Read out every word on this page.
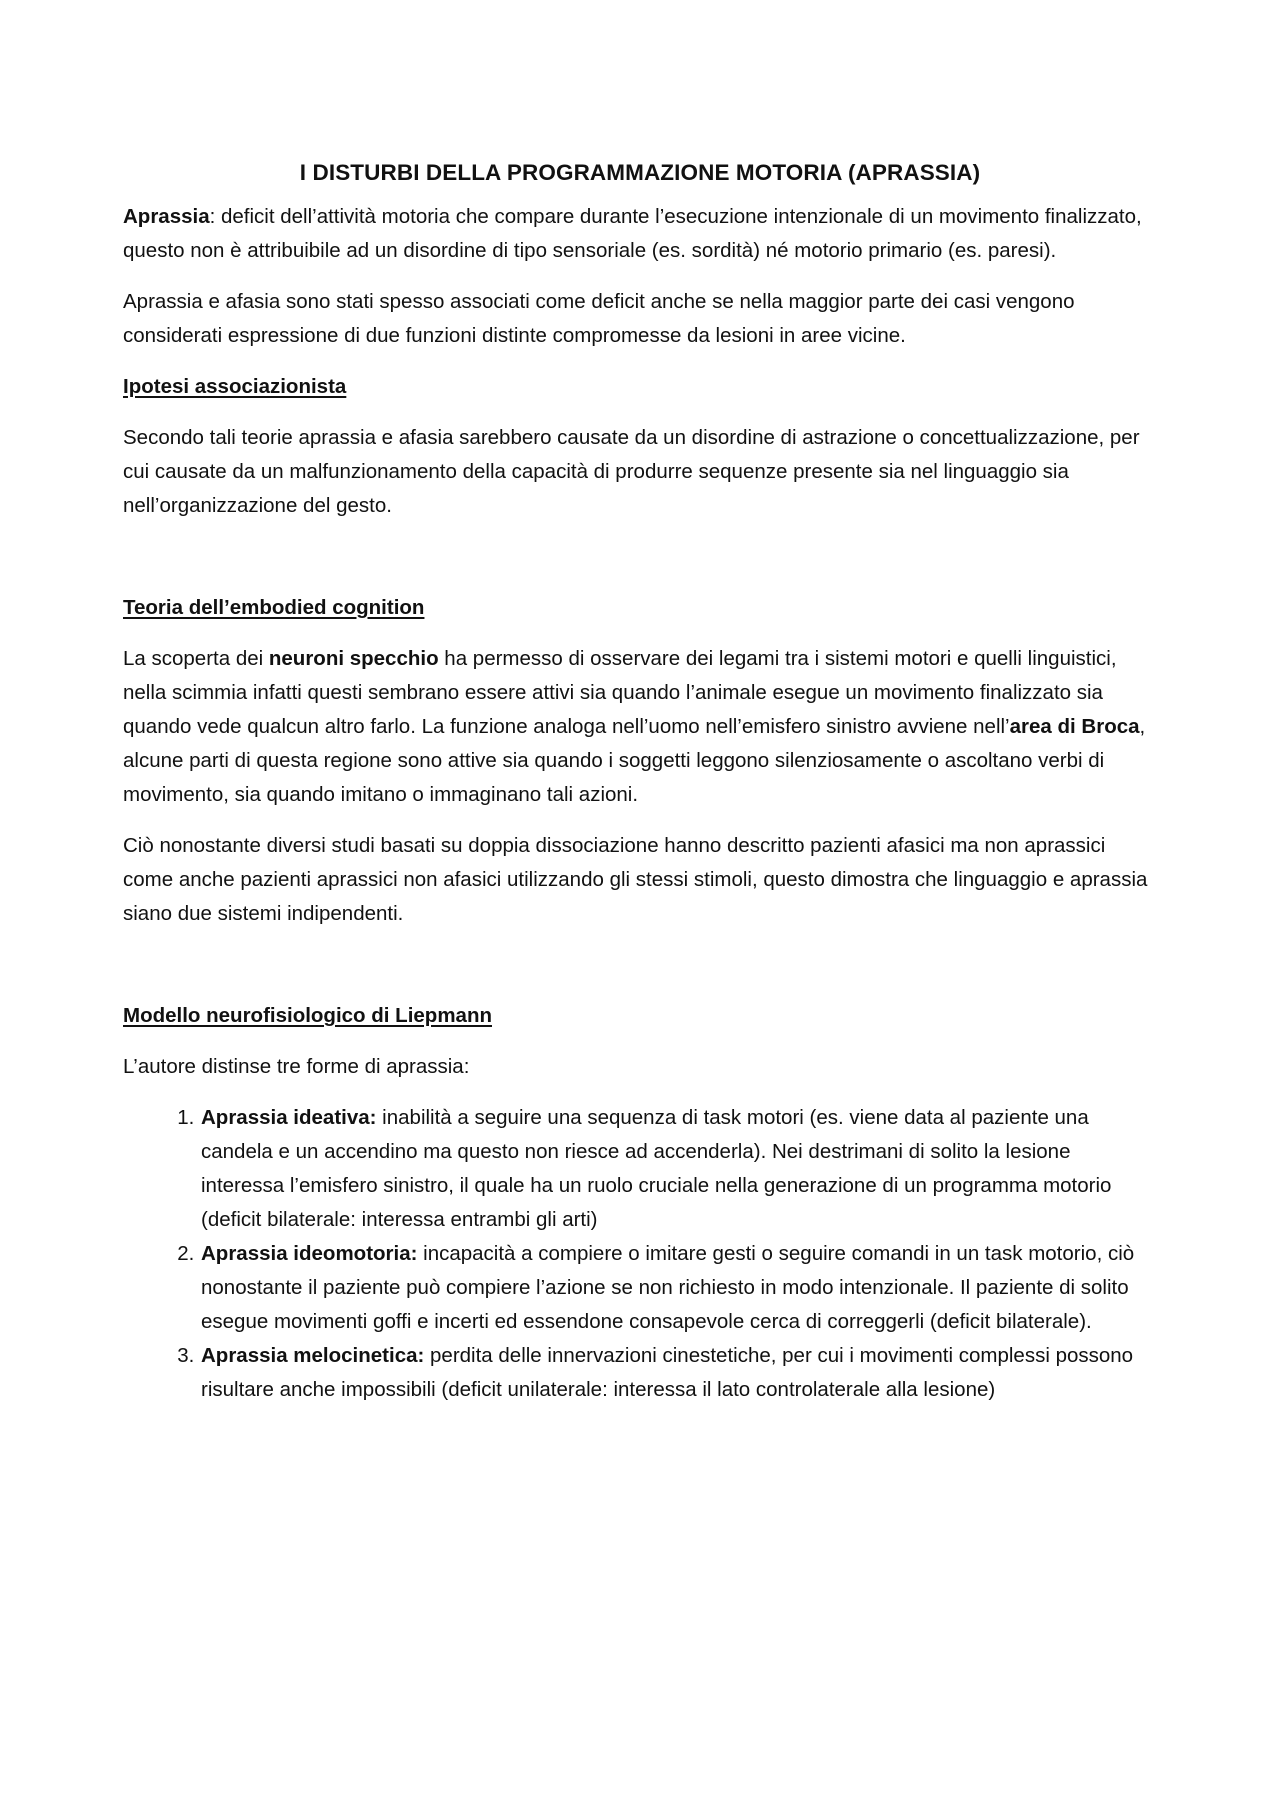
I DISTURBI DELLA PROGRAMMAZIONE MOTORIA (APRASSIA)

Aprassia: deficit dell’attività motoria che compare durante l’esecuzione intenzionale di un movimento finalizzato, questo non è attribuibile ad un disordine di tipo sensoriale (es. sordità) né motorio primario (es. paresi).

Aprassia e afasia sono stati spesso associati come deficit anche se nella maggior parte dei casi vengono considerati espressione di due funzioni distinte compromesse da lesioni in aree vicine.

Ipotesi associazionista

Secondo tali teorie aprassia e afasia sarebbero causate da un disordine di astrazione o concettualizzazione, per cui causate da un malfunzionamento della capacità di produrre sequenze presente sia nel linguaggio sia nell’organizzazione del gesto.

Teoria dell’embodied cognition

La scoperta dei neuroni specchio ha permesso di osservare dei legami tra i sistemi motori e quelli linguistici, nella scimmia infatti questi sembrano essere attivi sia quando l’animale esegue un movimento finalizzato sia quando vede qualcun altro farlo. La funzione analoga nell’uomo nell’emisfero sinistro avviene nell’area di Broca, alcune parti di questa regione sono attive sia quando i soggetti leggono silenziosamente o ascoltano verbi di movimento, sia quando imitano o immaginano tali azioni.

Ciò nonostante diversi studi basati su doppia dissociazione hanno descritto pazienti afasici ma non aprassici come anche pazienti aprassici non afasici utilizzando gli stessi stimoli, questo dimostra che linguaggio e aprassia siano due sistemi indipendenti.

Modello neurofisiologico di Liepmann

L’autore distinse tre forme di aprassia:

1. Aprassia ideativa: inabilità a seguire una sequenza di task motori (es. viene data al paziente una candela e un accendino ma questo non riesce ad accenderla). Nei destrimani di solito la lesione interessa l’emisfero sinistro, il quale ha un ruolo cruciale nella generazione di un programma motorio (deficit bilaterale: interessa entrambi gli arti)
2. Aprassia ideomotoria: incapacità a compiere o imitare gesti o seguire comandi in un task motorio, ciò nonostante il paziente può compiere l’azione se non richiesto in modo intenzionale. Il paziente di solito esegue movimenti goffi e incerti ed essendone consapevole cerca di correggerli (deficit bilaterale).
3. Aprassia melocinetica: perdita delle innervazioni cinestetiche, per cui i movimenti complessi possono risultare anche impossibili (deficit unilaterale: interessa il lato controlaterale alla lesione)
